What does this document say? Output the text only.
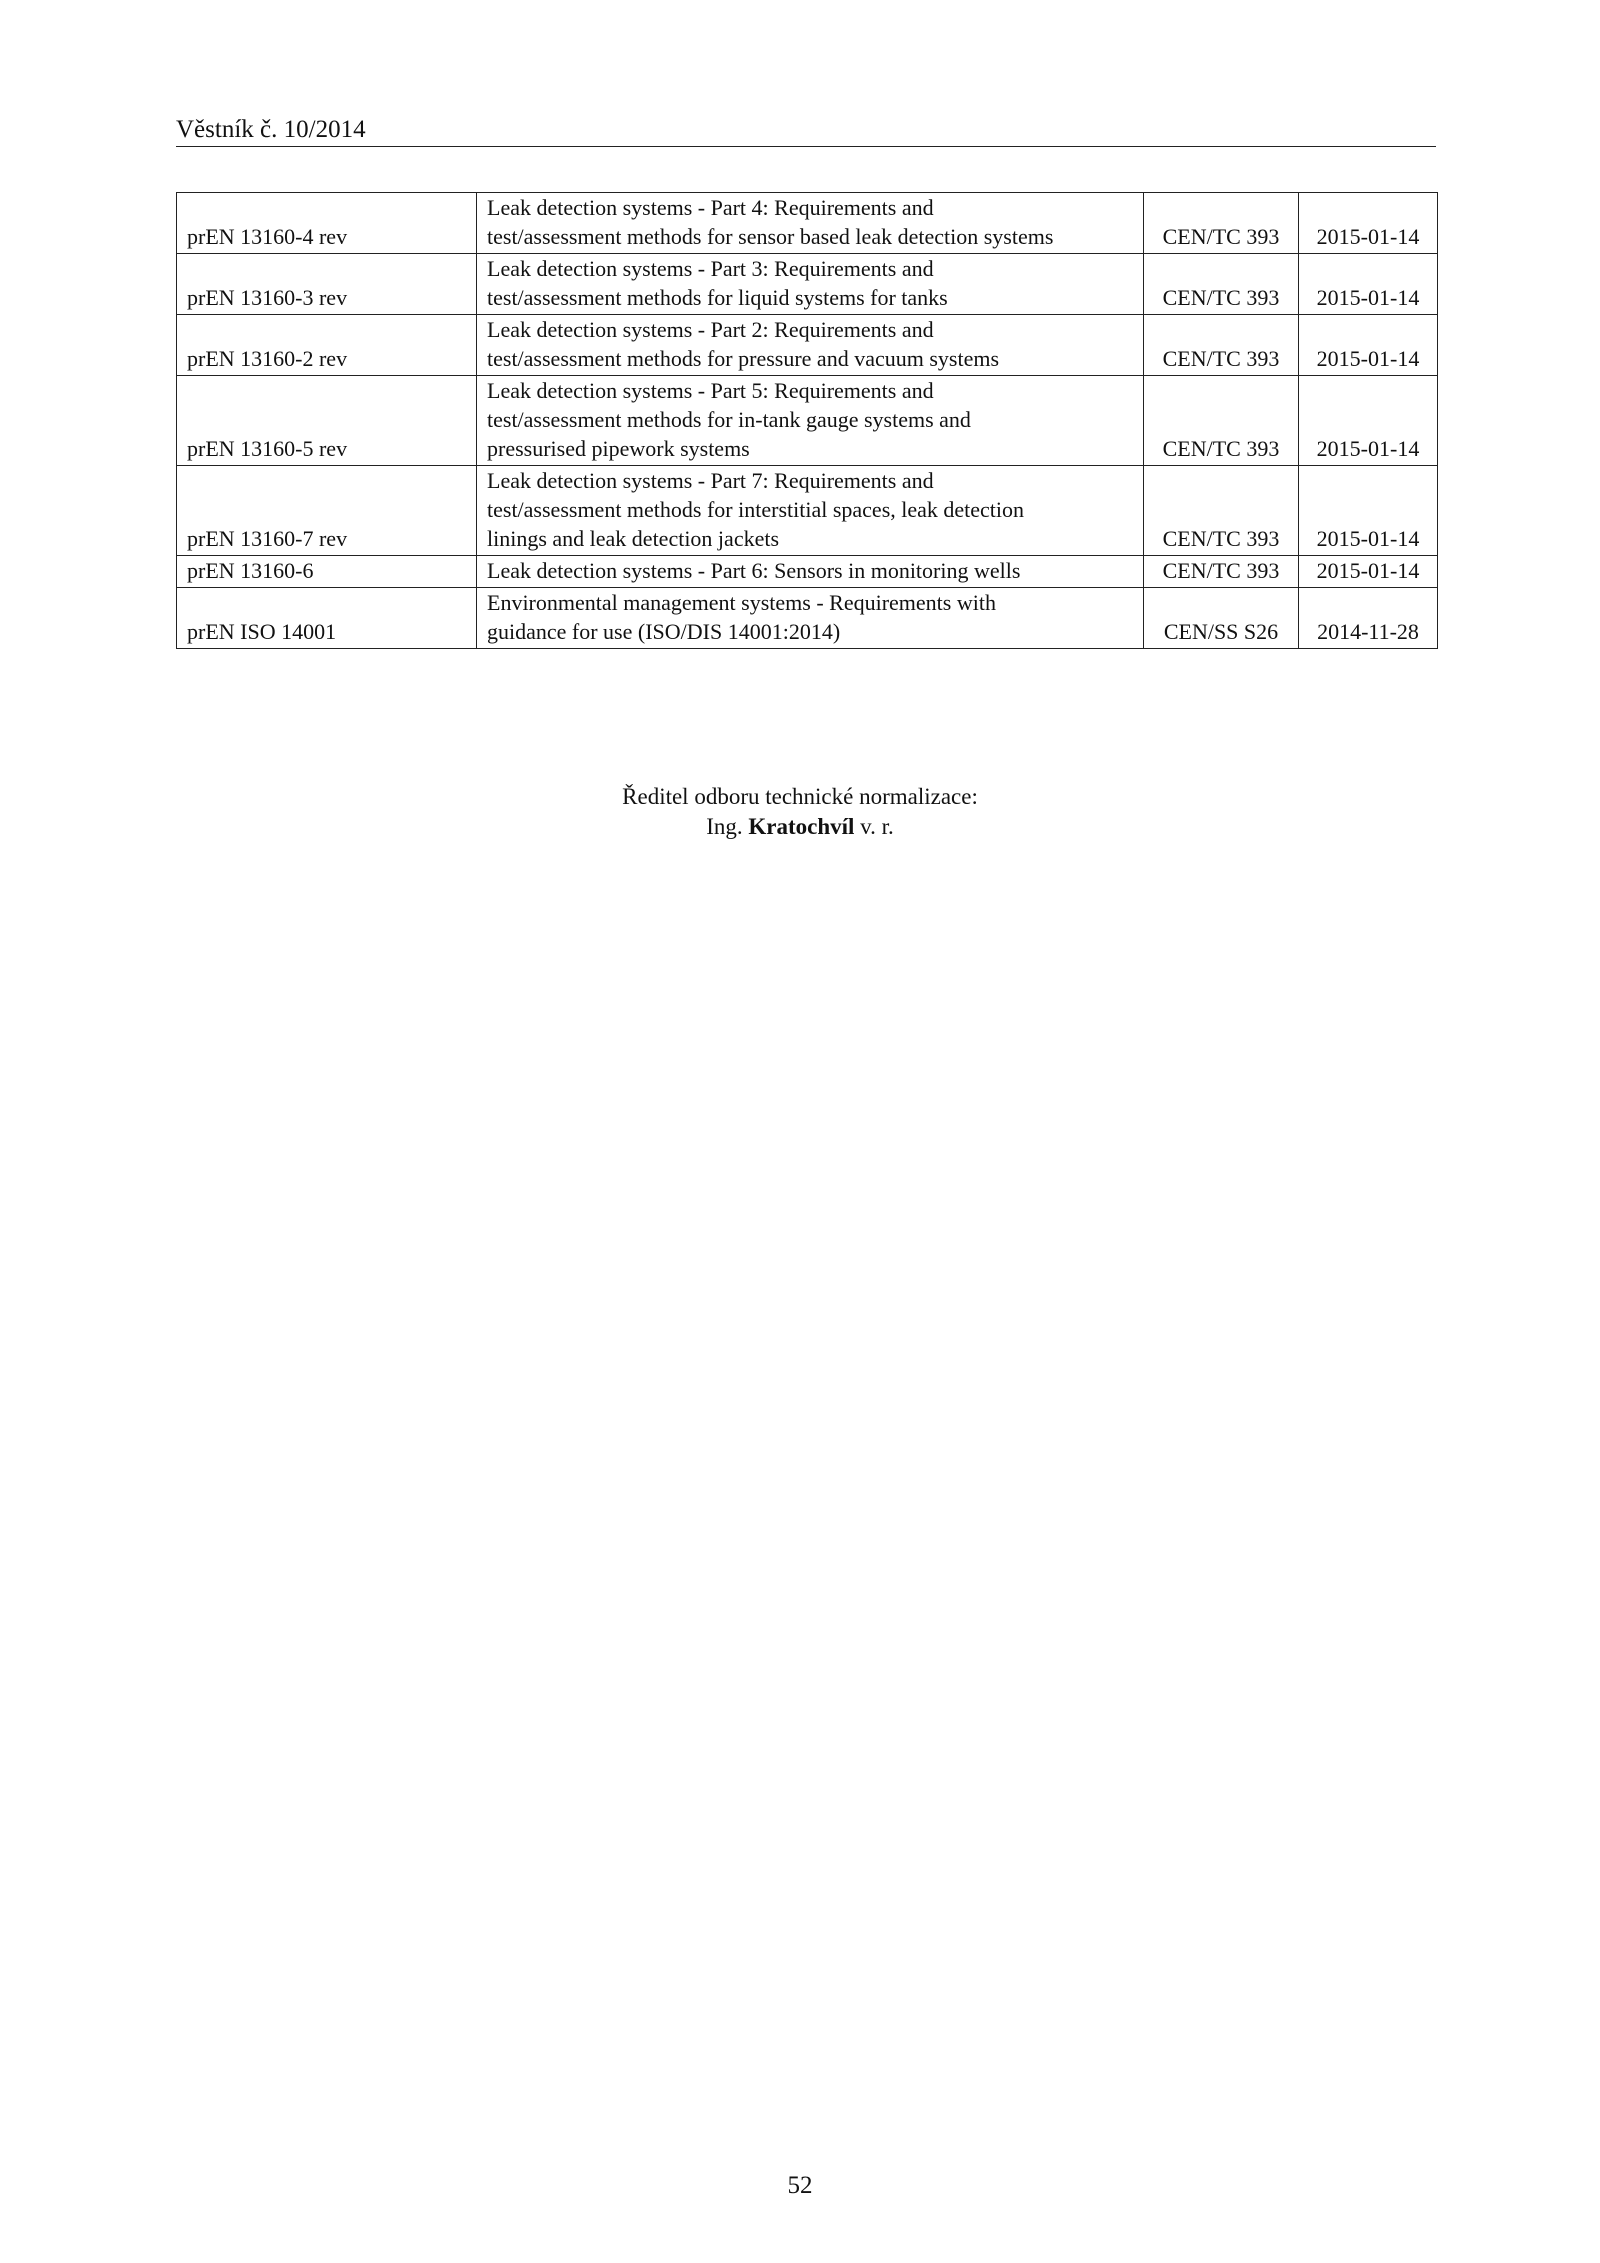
Věstník č. 10/2014
prEN 13160-4 rev	Leak detection systems - Part 4: Requirements and
test/assessment methods for sensor based leak detection systems	CEN/TC 393	2015-01-14
prEN 13160-3 rev	Leak detection systems - Part 3: Requirements and
test/assessment methods for liquid systems for tanks	CEN/TC 393	2015-01-14
prEN 13160-2 rev	Leak detection systems - Part 2: Requirements and
test/assessment methods for pressure and vacuum systems	CEN/TC 393	2015-01-14
prEN 13160-5 rev	Leak detection systems - Part 5: Requirements and
test/assessment methods for in-tank gauge systems and
pressurised pipework systems	CEN/TC 393	2015-01-14
prEN 13160-7 rev	Leak detection systems - Part 7: Requirements and
test/assessment methods for interstitial spaces, leak detection
linings and leak detection jackets	CEN/TC 393	2015-01-14
prEN 13160-6	Leak detection systems - Part 6: Sensors in monitoring wells	CEN/TC 393	2015-01-14
prEN ISO 14001	Environmental management systems - Requirements with
guidance for use (ISO/DIS 14001:2014)	CEN/SS S26	2014-11-28
Ředitel odboru technické normalizace:
Ing. Kratochvíl v. r.
52
